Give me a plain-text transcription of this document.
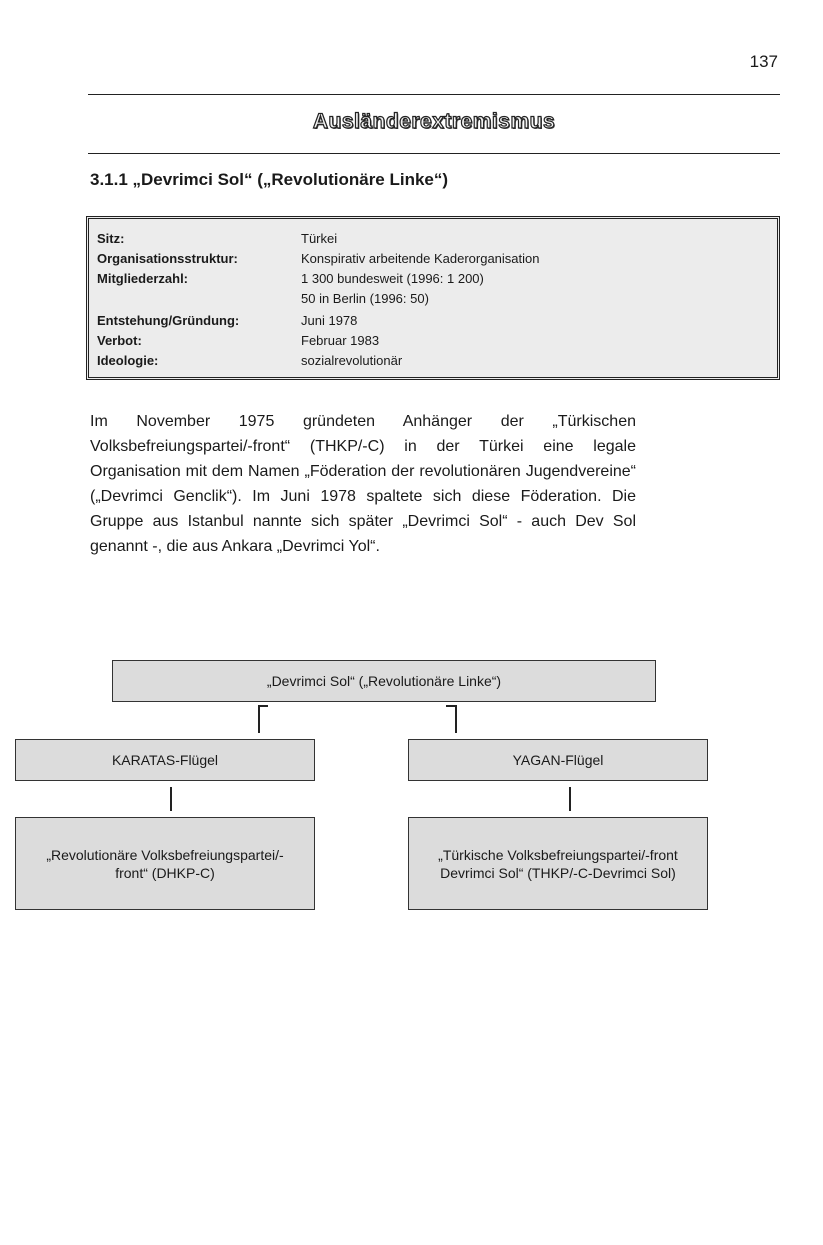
137
Ausländerextremismus
3.1.1 „Devrimci Sol“ („Revolutionäre Linke“)
Sitz:	Türkei
Organisationsstruktur:	Konspirativ arbeitende Kaderorganisation
Mitgliederzahl:	1 300 bundesweit (1996: 1 200)
50 in Berlin (1996: 50)
Entstehung/Gründung:	Juni 1978
Verbot:	Februar 1983
Ideologie:	sozialrevolutionär

Im November 1975 gründeten Anhänger der „Türkischen Volksbefreiungspartei/-front“ (THKP/-C) in der Türkei eine legale Organisation mit dem Namen „Föderation der revolutionären Jugendvereine“ („Devrimci Genclik“). Im Juni 1978 spaltete sich diese Föderation. Die Gruppe aus Istanbul nannte sich später „Devrimci Sol“ - auch Dev Sol genannt -, die aus Ankara „Devrimci Yol“.

„Devrimci Sol“ („Revolutionäre Linke“)
KARATAS-Flügel	YAGAN-Flügel
„Revolutionäre Volksbefreiungspartei/-front“ (DHKP-C)
„Türkische Volksbefreiungspartei/-front Devrimci Sol“ (THKP/-C-Devrimci Sol)
